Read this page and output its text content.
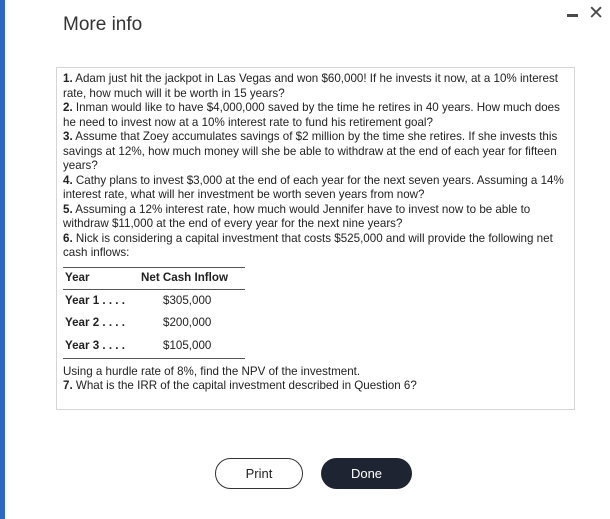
More info
✕

1. Adam just hit the jackpot in Las Vegas and won $60,000! If he invests it now, at a 10% interest rate, how much will it be worth in 15 years?

2. Inman would like to have $4,000,000 saved by the time he retires in 40 years. How much does he need to invest now at a 10% interest rate to fund his retirement goal?

3. Assume that Zoey accumulates savings of $2 million by the time she retires. If she invests this savings at 12%, how much money will she be able to withdraw at the end of each year for fifteen years?

4. Cathy plans to invest $3,000 at the end of each year for the next seven years. Assuming a 14% interest rate, what will her investment be worth seven years from now?

5. Assuming a 12% interest rate, how much would Jennifer have to invest now to be able to withdraw $11,000 at the end of every year for the next nine years?

6. Nick is considering a capital investment that costs $525,000 and will provide the following net cash inflows:

Year	Net Cash Inflow
Year 1 . . . .	$305,000
Year 2 . . . .	$200,000
Year 3 . . . .	$105,000

Using a hurdle rate of 8%, find the NPV of the investment.

7. What is the IRR of the capital investment described in Question 6?

Print	Done
